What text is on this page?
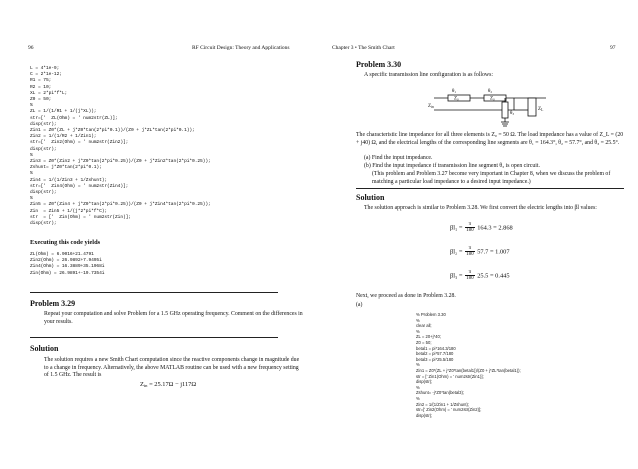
96	RF Circuit Design: Theory and Applications
L = 4*1e-9;
C = 2*1e-12;
R1 = 75;
R2 = 10;
XL = 2*pi*f*L;
Z0 = 50;
%
ZL = 1/(1/R1 + 1/(j*XL));
str=['  ZL(Ohm) = ' num2str(ZL)];
disp(str);
Zin1 = Z0*(ZL + j*Z0*tan(2*pi*0.1))/(Z0 + j*ZL*tan(2*pi*0.1));
Zin2 = 1/(1/R2 + 1/Zin1);
str=['  Zin2(Ohm) = ' num2str(Zin2)];
disp(str);
%
Zin3 = Z0*(Zin2 + j*Z0*tan(2*pi*0.25))/(Z0 + j*Zin2*tan(2*pi*0.25));
Zshunt= j*Z0*tan(2*pi*0.1);
%
Zin4 = 1/(1/Zin3 + 1/Zshunt);
str=['  Zin4(Ohm) = ' num2str(Zin4)];
disp(str);
%
Zin5 = Z0*(Zin4 + j*Z0*tan(2*pi*0.25))/(Z0 + j*Zin4*tan(2*pi*0.25));
Zin  = Zin5 + 1/(j*2*pi*f*C);
str  = ['  Zin(Ohm) = ' num2str(Zin)];
disp(str);
Executing this code yields
ZL(Ohm) = 6.9016+21.4791
Zin2(Ohm) = 26.9892+7.9495i
Zin4(Ohm) = 16.3889+35.1968i
Zin(Ohm) = 26.9891+-19.7354i
Problem 3.29
Repeat your computation and solve Problem for a 1.5 GHz operating frequency. Comment on the differences in your results.
Solution
The solution requires a new Smith Chart computation since the reactive components change in magnitude due to a change in frequency. Alternatively, the above MATLAB routine can be used with a new frequency setting of 1.5 GHz. The result is
$Z_{in} = 25.17\Omega - j117\Omega$
Chapter 3 • The Smith Chart	97
Problem 3.30
A specific transmission line configuration is as follows:
$Z_{in}$
θ₁	θ₂
θ₃
$Z_L$
Z0	Z0
The characteristic line impedance for all three elements is Z₀ = 50 Ω. The load impedance has a value of Z_L = (20 + j40) Ω, and the electrical lengths of the corresponding line segments are θ₁ = 164.3°, θ₂ = 57.7°, and θ₃ = 25.5°.
(a) Find the input impedance.
(b) Find the input impedance if transmission line segment θ₃ is open circuit.
(This problem and Problem 3.27 become very important in Chapter 8, when we discuss the problem of matching a particular load impedance to a desired input impedance.)
Solution
The solution approach is similar to Problem 3.28. We first convert the electric lengths into βl values:
$\beta l_1 = \frac{\pi}{180} 164.3 = 2.868$
$\beta l_2 = \frac{\pi}{180} 57.7 = 1.007$
$\beta l_3 = \frac{\pi}{180} 25.5 = 0.445$
Next, we proceed as done in Problem 3.28.
(a)
% Problem 3.30
%
clear all;
%
ZL = 20+j*40;
Z0 = 50;
betal1 = pi*164.3/180
betal2 = pi*57.7/180
betal3 = pi*25.5/180
%
Zin1 = Z0*(ZL + j*Z0*tan(betal1))/(Z0 + j*ZL*tan(betal1));
str = [' Zin1(Ohm) = ' num2str(Zin1)];
disp(str);
%
Zshunt= -j*Z0*tan(betal3);
%
Zin2 = 1/(1/Zin1 + 1/Zshunt);
str=[' Zin2(Ohm) = ' num2str(Zin2)];
disp(str);
